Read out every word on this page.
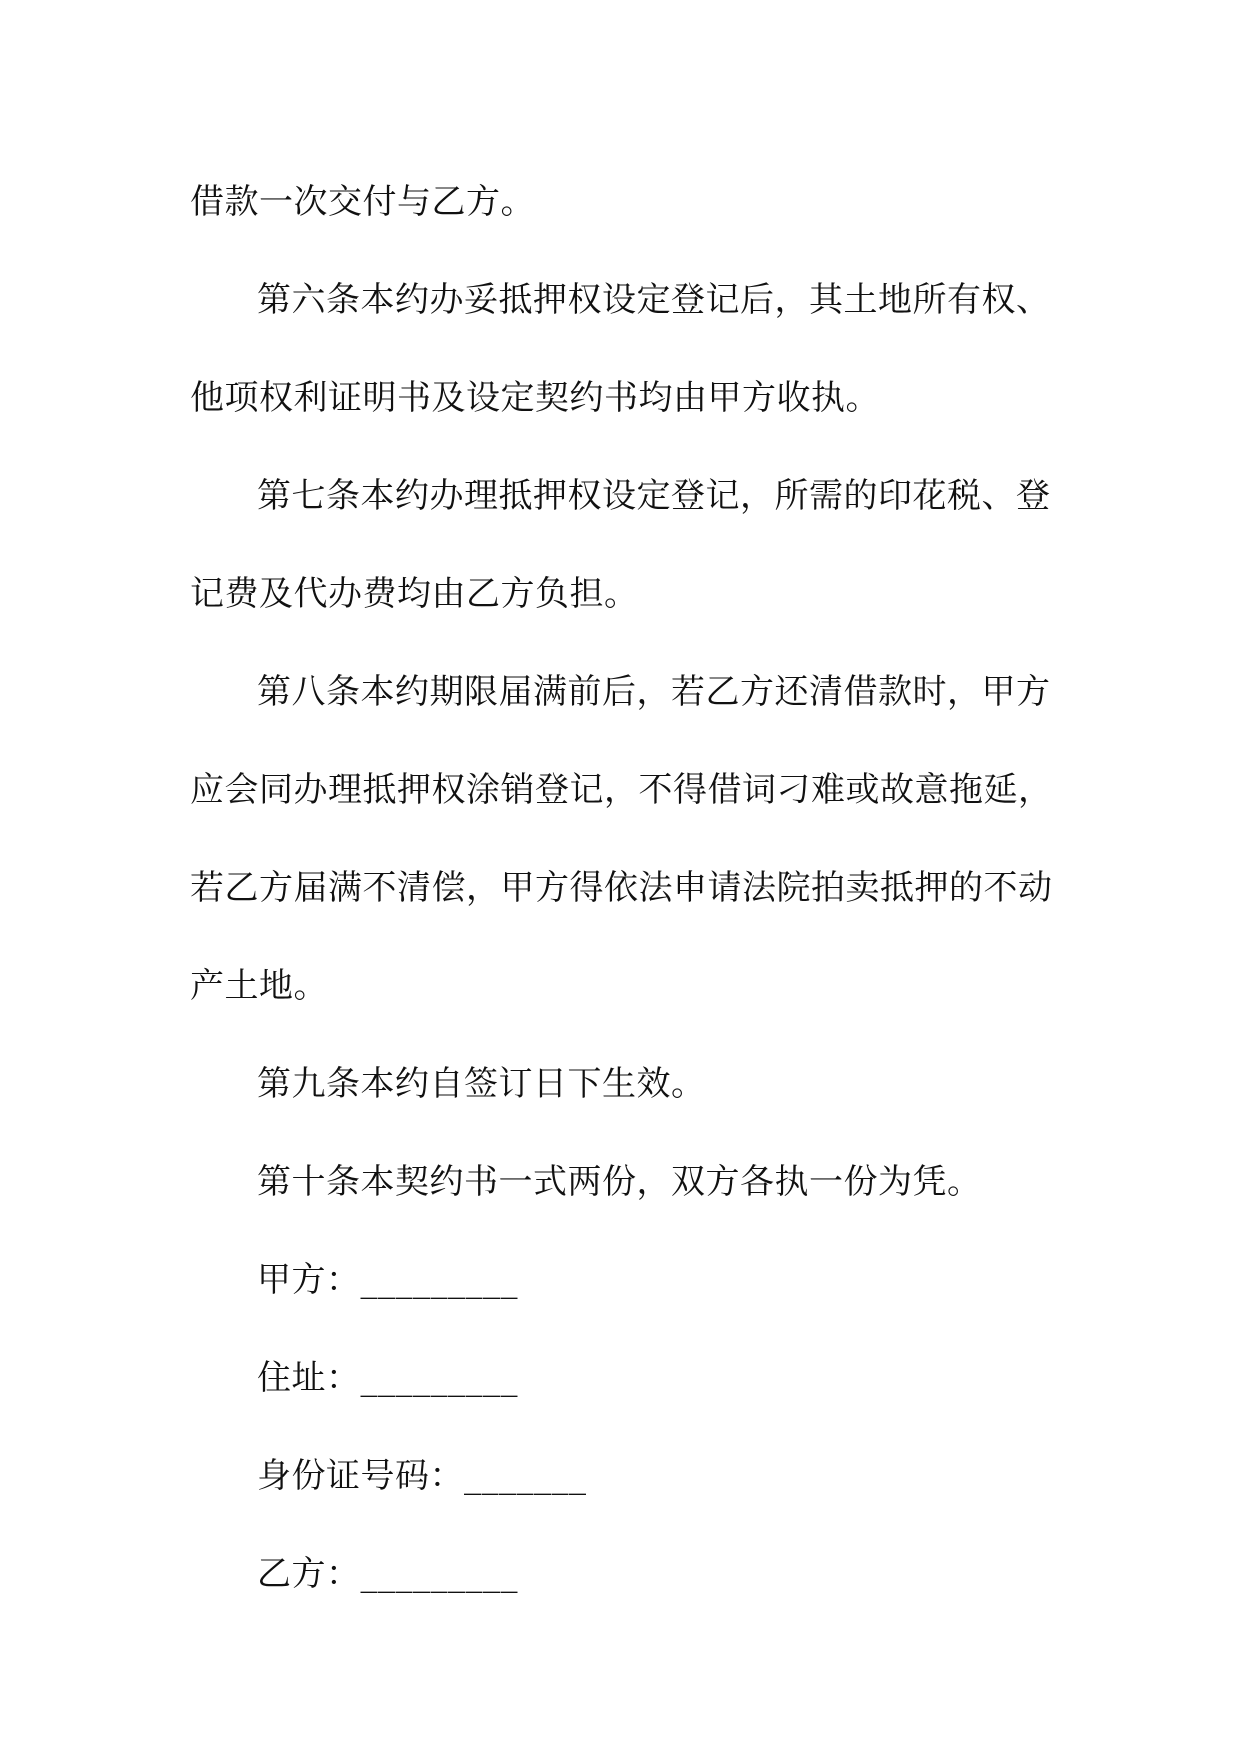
借款一次交付与乙方。
第六条本约办妥抵押权设定登记后，其土地所有权、
他项权利证明书及设定契约书均由甲方收执。
第七条本约办理抵押权设定登记，所需的印花税、登
记费及代办费均由乙方负担。
第八条本约期限届满前后，若乙方还清借款时，甲方
应会同办理抵押权涂销登记，不得借词刁难或故意拖延，
若乙方届满不清偿，甲方得依法申请法院拍卖抵押的不动
产土地。
第九条本约自签订日下生效。
第十条本契约书一式两份，双方各执一份为凭。
甲方：_________
住址：_________
身份证号码：_______
乙方：_________
